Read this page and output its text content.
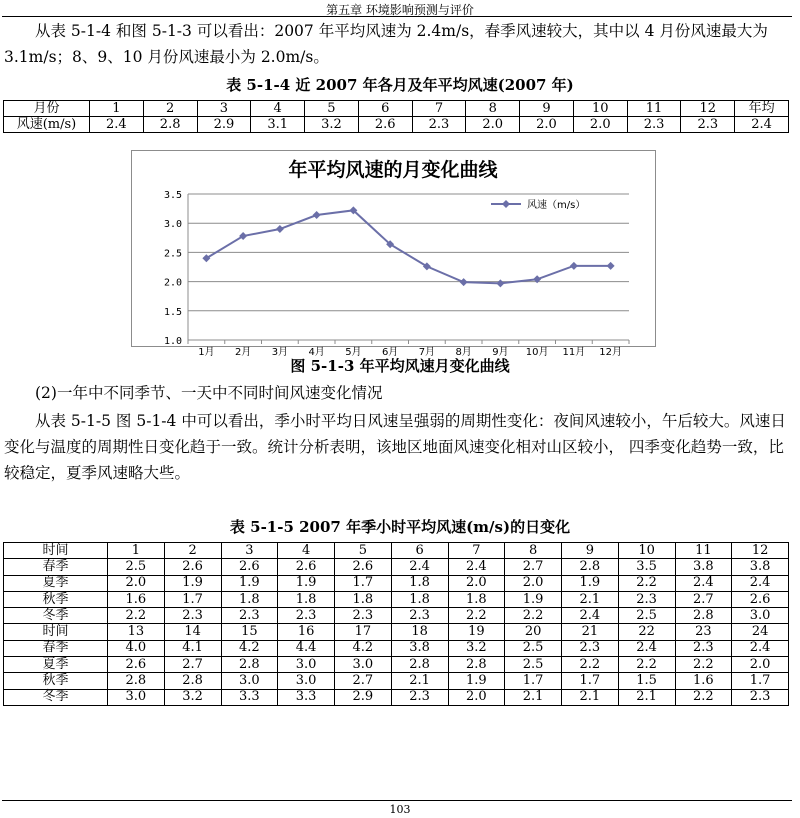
第五章 环境影响预测与评价
从表 5-1-4 和图 5-1-3 可以看出：2007 年平均风速为 2.4m/s，春季风速较大，其中以 4 月份风速最大为 3.1m/s；8、9、10 月份风速最小为 2.0m/s。
表 5-1-4 近 2007 年各月及年平均风速(2007 年)
月份	1	2	3	4	5	6	7	8	9	10	11	12	年均
风速(m/s)	2.4	2.8	2.9	3.1	3.2	2.6	2.3	2.0	2.0	2.0	2.3	2.3	2.4
年平均风速的月变化曲线
1.0
1.5
2.0
2.5
3.0
3.5
1月 2月 3月 4月 5月 6月 7月 8月 9月 10月 11月 12月
风速（m/s）
图 5-1-3 年平均风速月变化曲线
(2)一年中不同季节、一天中不同时间风速变化情况
从表 5-1-5 图 5-1-4 中可以看出，季小时平均日风速呈强弱的周期性变化：夜间风速较小，午后较大。风速日变化与温度的周期性日变化趋于一致。统计分析表明，该地区地面风速变化相对山区较小， 四季变化趋势一致，比较稳定，夏季风速略大些。
表 5-1-5 2007 年季小时平均风速(m/s)的日变化
时间	1	2	3	4	5	6	7	8	9	10	11	12
春季	2.5	2.6	2.6	2.6	2.6	2.4	2.4	2.7	2.8	3.5	3.8	3.8
夏季	2.0	1.9	1.9	1.9	1.7	1.8	2.0	2.0	1.9	2.2	2.4	2.4
秋季	1.6	1.7	1.8	1.8	1.8	1.8	1.8	1.9	2.1	2.3	2.7	2.6
冬季	2.2	2.3	2.3	2.3	2.3	2.3	2.2	2.2	2.4	2.5	2.8	3.0
时间	13	14	15	16	17	18	19	20	21	22	23	24
春季	4.0	4.1	4.2	4.4	4.2	3.8	3.2	2.5	2.3	2.4	2.3	2.4
夏季	2.6	2.7	2.8	3.0	3.0	2.8	2.8	2.5	2.2	2.2	2.2	2.0
秋季	2.8	2.8	3.0	3.0	2.7	2.1	1.9	1.7	1.7	1.5	1.6	1.7
冬季	3.0	3.2	3.3	3.3	2.9	2.3	2.0	2.1	2.1	2.1	2.2	2.3
103
